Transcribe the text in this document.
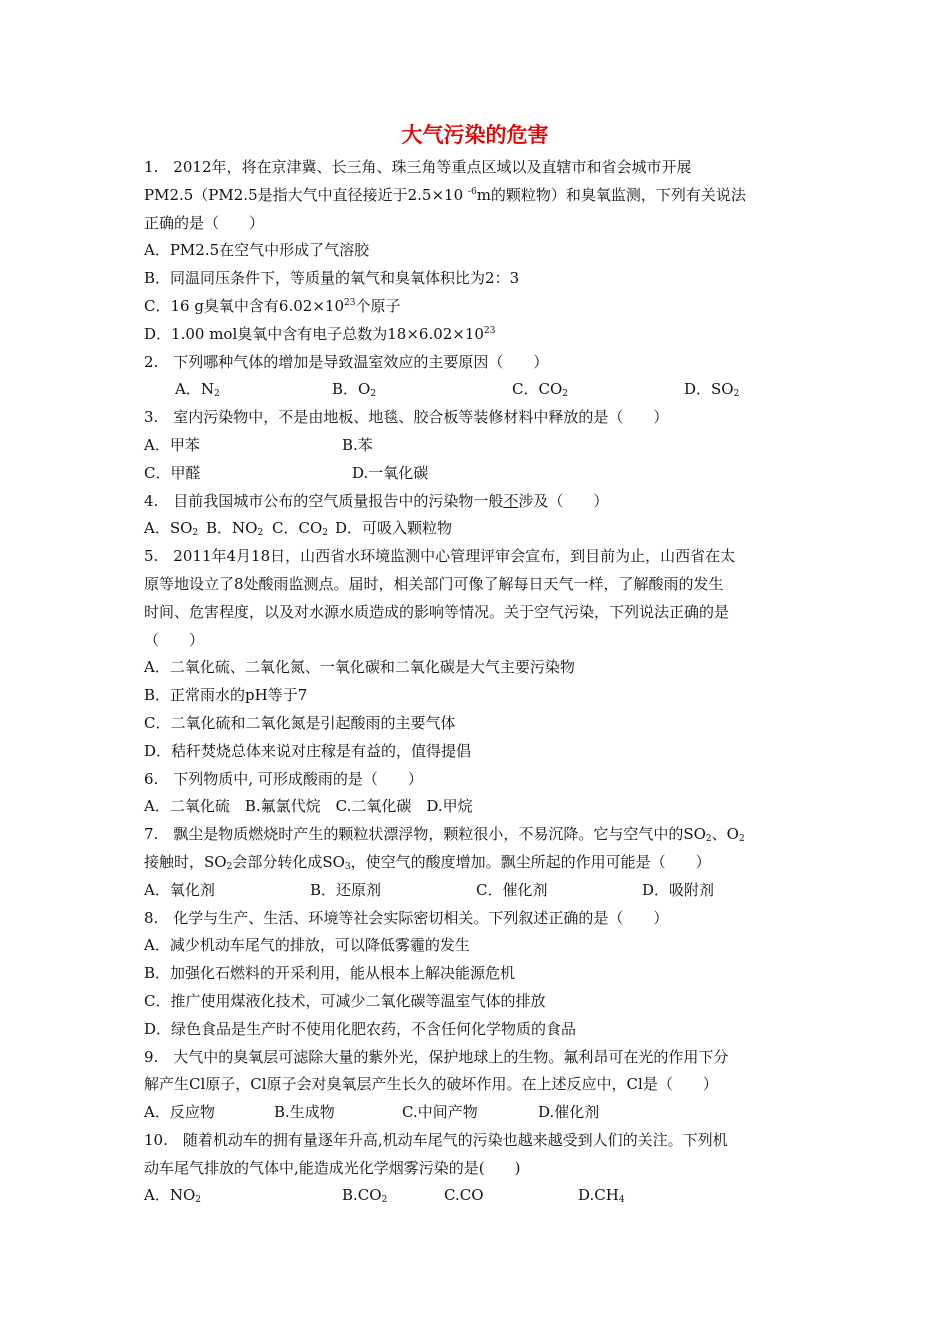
大气污染的危害
1.　2012年，将在京津冀、长三角、珠三角等重点区域以及直辖市和省会城市开展
PM2.5（PM2.5是指大气中直径接近于2.5×10 $^{-6}$m的颗粒物）和臭氧监测，下列有关说法
正确的是（　　）
A．PM2.5在空气中形成了气溶胶
B．同温同压条件下，等质量的氧气和臭氧体积比为2：3
C．16 g臭氧中含有$6.02\times 10^{23}$个原子
D．1.00 mol臭氧中含有电子总数为$18\times 6.02\times 10^{23}$
2.　下列哪种气体的增加是导致温室效应的主要原因（　　）
A．$N_2$	B．$O_2$	C．$CO_2$	D．$SO_2$
3.　室内污染物中，不是由地板、地毯、胶合板等装修材料中释放的是（　　）
A．甲苯	B.苯
C．甲醛	D.一氧化碳
4.　目前我国城市公布的空气质量报告中的污染物一般不涉及（　　）
A．$SO_2$ B．$NO_2$ C．$CO_2$ D．可吸入颗粒物
5.　2011年4月18日，山西省水环境监测中心管理评审会宣布，到目前为止，山西省在太
原等地设立了8处酸雨监测点。届时，相关部门可像了解每日天气一样，了解酸雨的发生
时间、危害程度，以及对水源水质造成的影响等情况。关于空气污染，下列说法正确的是
（　　）
A．二氧化硫、二氧化氮、一氧化碳和二氧化碳是大气主要污染物
B．正常雨水的pH等于7
C．二氧化硫和二氧化氮是引起酸雨的主要气体
D．秸秆焚烧总体来说对庄稼是有益的，值得提倡
6.　下列物质中, 可形成酸雨的是（　　）
A．二氧化硫　B.氟氯代烷　C.二氧化碳　D.甲烷
7.　飘尘是物质燃烧时产生的颗粒状漂浮物，颗粒很小，不易沉降。它与空气中的$SO_2$、$O_2$
接触时，$SO_2$会部分转化成$SO_3$，使空气的酸度增加。飘尘所起的作用可能是（　　）
A．氧化剂	B．还原剂	C．催化剂	D．吸附剂
8.　化学与生产、生活、环境等社会实际密切相关。下列叙述正确的是（　　）
A．减少机动车尾气的排放，可以降低雾霾的发生
B．加强化石燃料的开采利用，能从根本上解决能源危机
C．推广使用煤液化技术，可减少二氧化碳等温室气体的排放
D．绿色食品是生产时不使用化肥农药，不含任何化学物质的食品
9.　大气中的臭氧层可滤除大量的紫外光，保护地球上的生物。氟利昂可在光的作用下分
解产生Cl原子，Cl原子会对臭氧层产生长久的破坏作用。在上述反应中，Cl是（　　）
A．反应物	B.生成物	C.中间产物	D.催化剂
10.　随着机动车的拥有量逐年升高,机动车尾气的污染也越来越受到人们的关注。下列机
动车尾气排放的气体中,能造成光化学烟雾污染的是(　　)
A．$NO_2$	$B.CO_2$	C.CO	$D.CH_4$
